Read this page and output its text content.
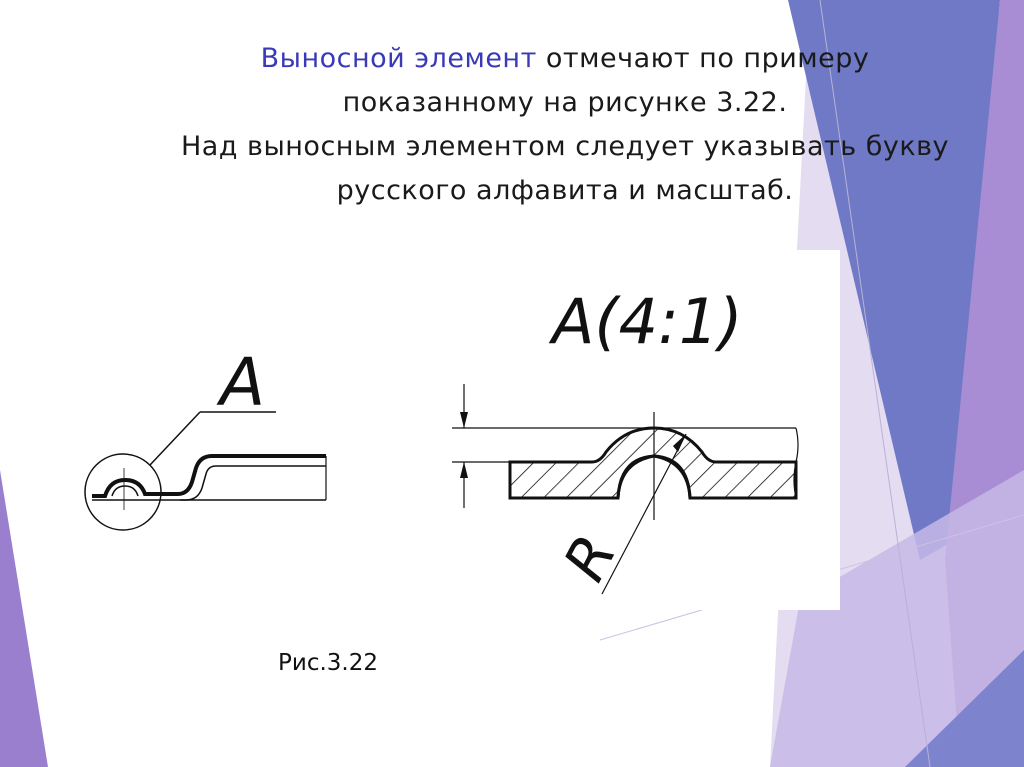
Выносной элемент отмечают по примеру
показанному на рисунке 3.22.
Над выносным элементом следует указывать букву
русского алфавита и масштаб.
А
А(4:1)
R
Рис.3.22
